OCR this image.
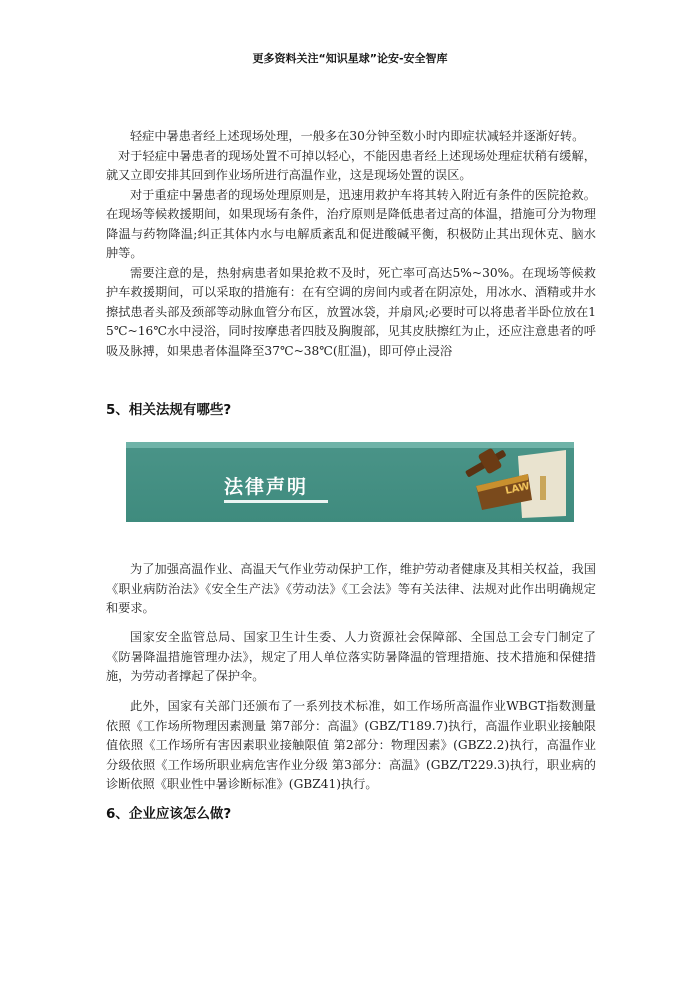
更多资料关注“知识星球”论安-安全智库

轻症中暑患者经上述现场处理，一般多在30分钟至数小时内即症状减轻并逐渐好转。

对于轻症中暑患者的现场处置不可掉以轻心，不能因患者经上述现场处理症状稍有缓解，就又立即安排其回到作业场所进行高温作业，这是现场处置的误区。

对于重症中暑患者的现场处理原则是，迅速用救护车将其转入附近有条件的医院抢救。在现场等候救援期间，如果现场有条件，治疗原则是降低患者过高的体温，措施可分为物理降温与药物降温;纠正其体内水与电解质紊乱和促进酸碱平衡，积极防止其出现休克、脑水肿等。

需要注意的是，热射病患者如果抢救不及时，死亡率可高达5%~30%。在现场等候救护车救援期间，可以采取的措施有：在有空调的房间内或者在阴凉处，用冰水、酒精或井水擦拭患者头部及颈部等动脉血管分布区，放置冰袋，并扇风;必要时可以将患者半卧位放在15℃~16℃水中浸浴，同时按摩患者四肢及胸腹部，见其皮肤擦红为止，还应注意患者的呼吸及脉搏，如果患者体温降至37℃~38℃(肛温)，即可停止浸浴

5、相关法规有哪些?
法律声明	LAW

为了加强高温作业、高温天气作业劳动保护工作，维护劳动者健康及其相关权益，我国《职业病防治法》《安全生产法》《劳动法》《工会法》等有关法律、法规对此作出明确规定和要求。

国家安全监管总局、国家卫生计生委、人力资源社会保障部、全国总工会专门制定了《防暑降温措施管理办法》，规定了用人单位落实防暑降温的管理措施、技术措施和保健措施，为劳动者撑起了保护伞。

此外，国家有关部门还颁布了一系列技术标准，如工作场所高温作业WBGT指数测量依照《工作场所物理因素测量 第7部分：高温》(GBZ/T189.7)执行，高温作业职业接触限值依照《工作场所有害因素职业接触限值 第2部分：物理因素》(GBZ2.2)执行，高温作业分级依照《工作场所职业病危害作业分级 第3部分：高温》(GBZ/T229.3)执行，职业病的诊断依照《职业性中暑诊断标准》(GBZ41)执行。

6、企业应该怎么做?
